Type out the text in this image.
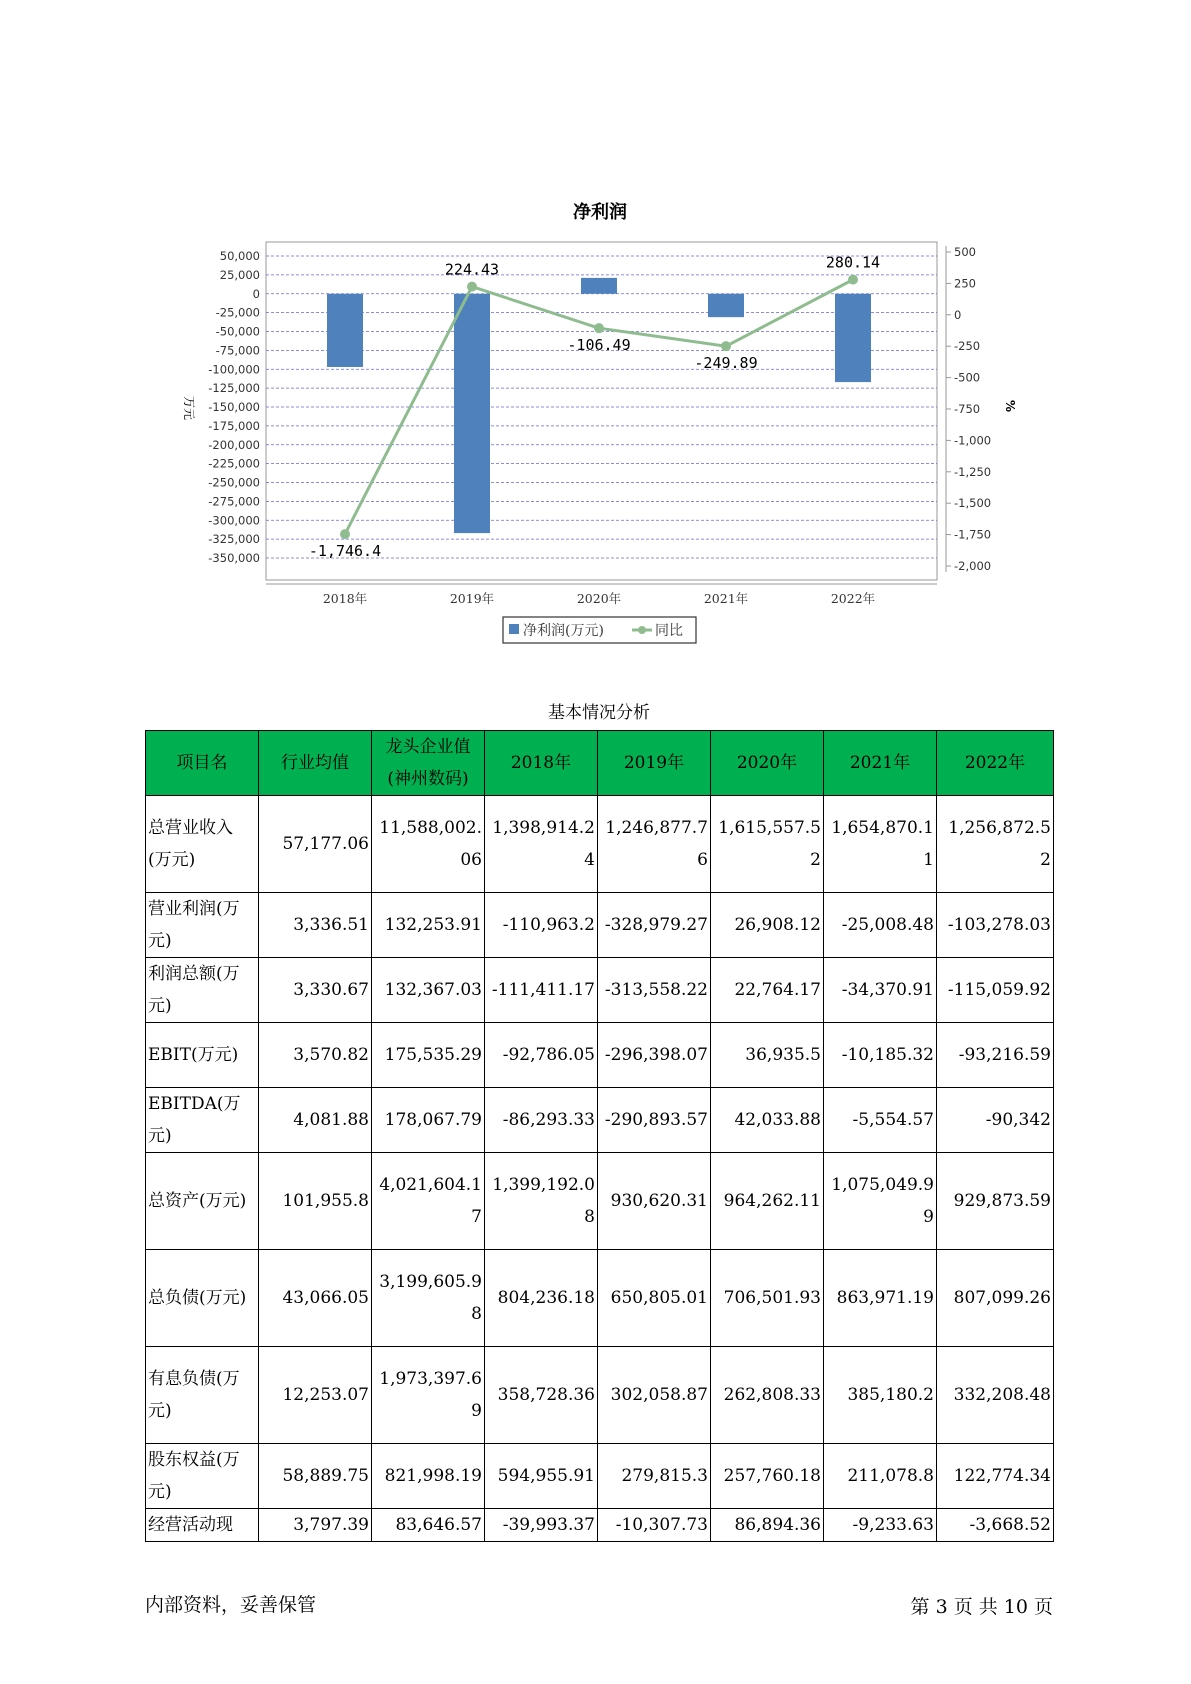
净利润
50,000
25,000
0
-25,000
-50,000
-75,000
-100,000
-125,000
-150,000
-175,000
-200,000
-225,000
-250,000
-275,000
-300,000
-325,000
-350,000
万元
500
250
0
-250
-500
-750
-1,000
-1,250
-1,500
-1,750
-2,000
%
2018年	2019年	2020年	2021年	2022年
-1,746.4
224.43
-106.49
-249.89
280.14
净利润(万元)	同比
基本情况分析
项目名	行业均值	龙头企业值(神州数码)	2018年	2019年	2020年	2021年	2022年
总营业收入(万元)	57,177.06	11,588,002.06	1,398,914.24	1,246,877.76	1,615,557.52	1,654,870.11	1,256,872.52
营业利润(万元)	3,336.51	132,253.91	-110,963.2	-328,979.27	26,908.12	-25,008.48	-103,278.03
利润总额(万元)	3,330.67	132,367.03	-111,411.17	-313,558.22	22,764.17	-34,370.91	-115,059.92
EBIT(万元)	3,570.82	175,535.29	-92,786.05	-296,398.07	36,935.5	-10,185.32	-93,216.59
EBITDA(万元)	4,081.88	178,067.79	-86,293.33	-290,893.57	42,033.88	-5,554.57	-90,342
总资产(万元)	101,955.8	4,021,604.17	1,399,192.08	930,620.31	964,262.11	1,075,049.99	929,873.59
总负债(万元)	43,066.05	3,199,605.98	804,236.18	650,805.01	706,501.93	863,971.19	807,099.26
有息负债(万元)	12,253.07	1,973,397.69	358,728.36	302,058.87	262,808.33	385,180.2	332,208.48
股东权益(万元)	58,889.75	821,998.19	594,955.91	279,815.3	257,760.18	211,078.8	122,774.34
经营活动现	3,797.39	83,646.57	-39,993.37	-10,307.73	86,894.36	-9,233.63	-3,668.52
内部资料，妥善保管	第 3 页 共 10 页
